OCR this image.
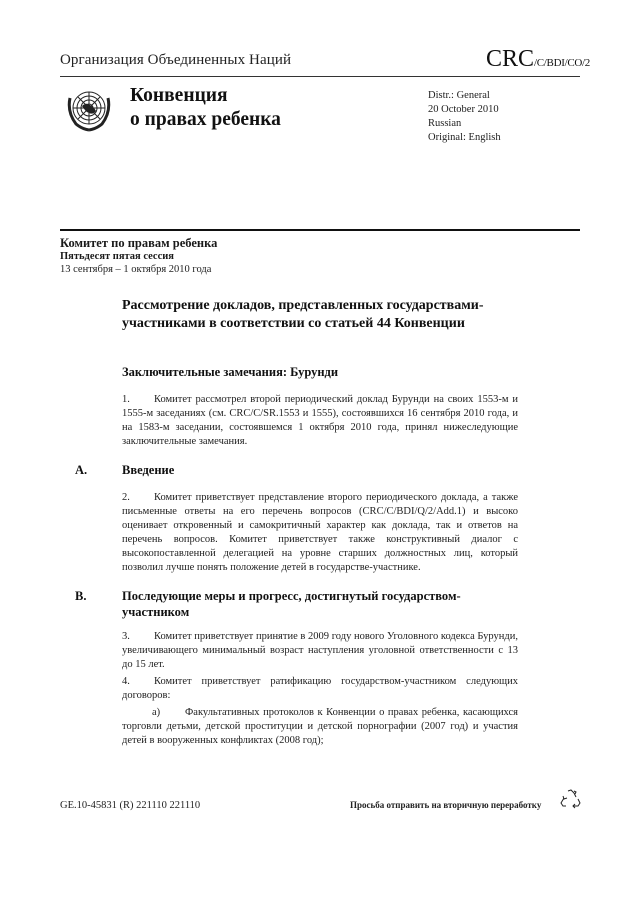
Организация Объединенных Наций	CRC/C/BDI/CO/2
Конвенция
о правах ребенка
Distr.: General
20 October 2010
Russian
Original: English
Комитет по правам ребенка
Пятьдесят пятая сессия
13 сентября – 1 октября 2010 года
Рассмотрение докладов, представленных государствами-участниками в соответствии со статьей 44 Конвенции
Заключительные замечания: Бурунди
1. Комитет рассмотрел второй периодический доклад Бурунди на своих 1553-м и 1555-м заседаниях (см. CRC/C/SR.1553 и 1555), состоявшихся 16 сентября 2010 года, и на 1583-м заседании, состоявшемся 1 октября 2010 года, принял нижеследующие заключительные замечания.
A.	Введение
2. Комитет приветствует представление второго периодического доклада, а также письменные ответы на его перечень вопросов (CRC/C/BDI/Q/2/Add.1) и высоко оценивает откровенный и самокритичный характер как доклада, так и ответов на перечень вопросов. Комитет приветствует также конструктивный диалог с высокопоставленной делегацией на уровне старших должностных лиц, который позволил лучше понять положение детей в государстве-участнике.
B.	Последующие меры и прогресс, достигнутый государством-участником
3. Комитет приветствует принятие в 2009 году нового Уголовного кодекса Бурунди, увеличивающего минимальный возраст наступления уголовной ответственности с 13 до 15 лет.
4. Комитет приветствует ратификацию государством-участником следующих договоров:
a) Факультативных протоколов к Конвенции о правах ребенка, касающихся торговли детьми, детской проституции и детской порнографии (2007 год) и участия детей в вооруженных конфликтах (2008 год);
GE.10-45831 (R) 221110 221110	Просьба отправить на вторичную переработку
